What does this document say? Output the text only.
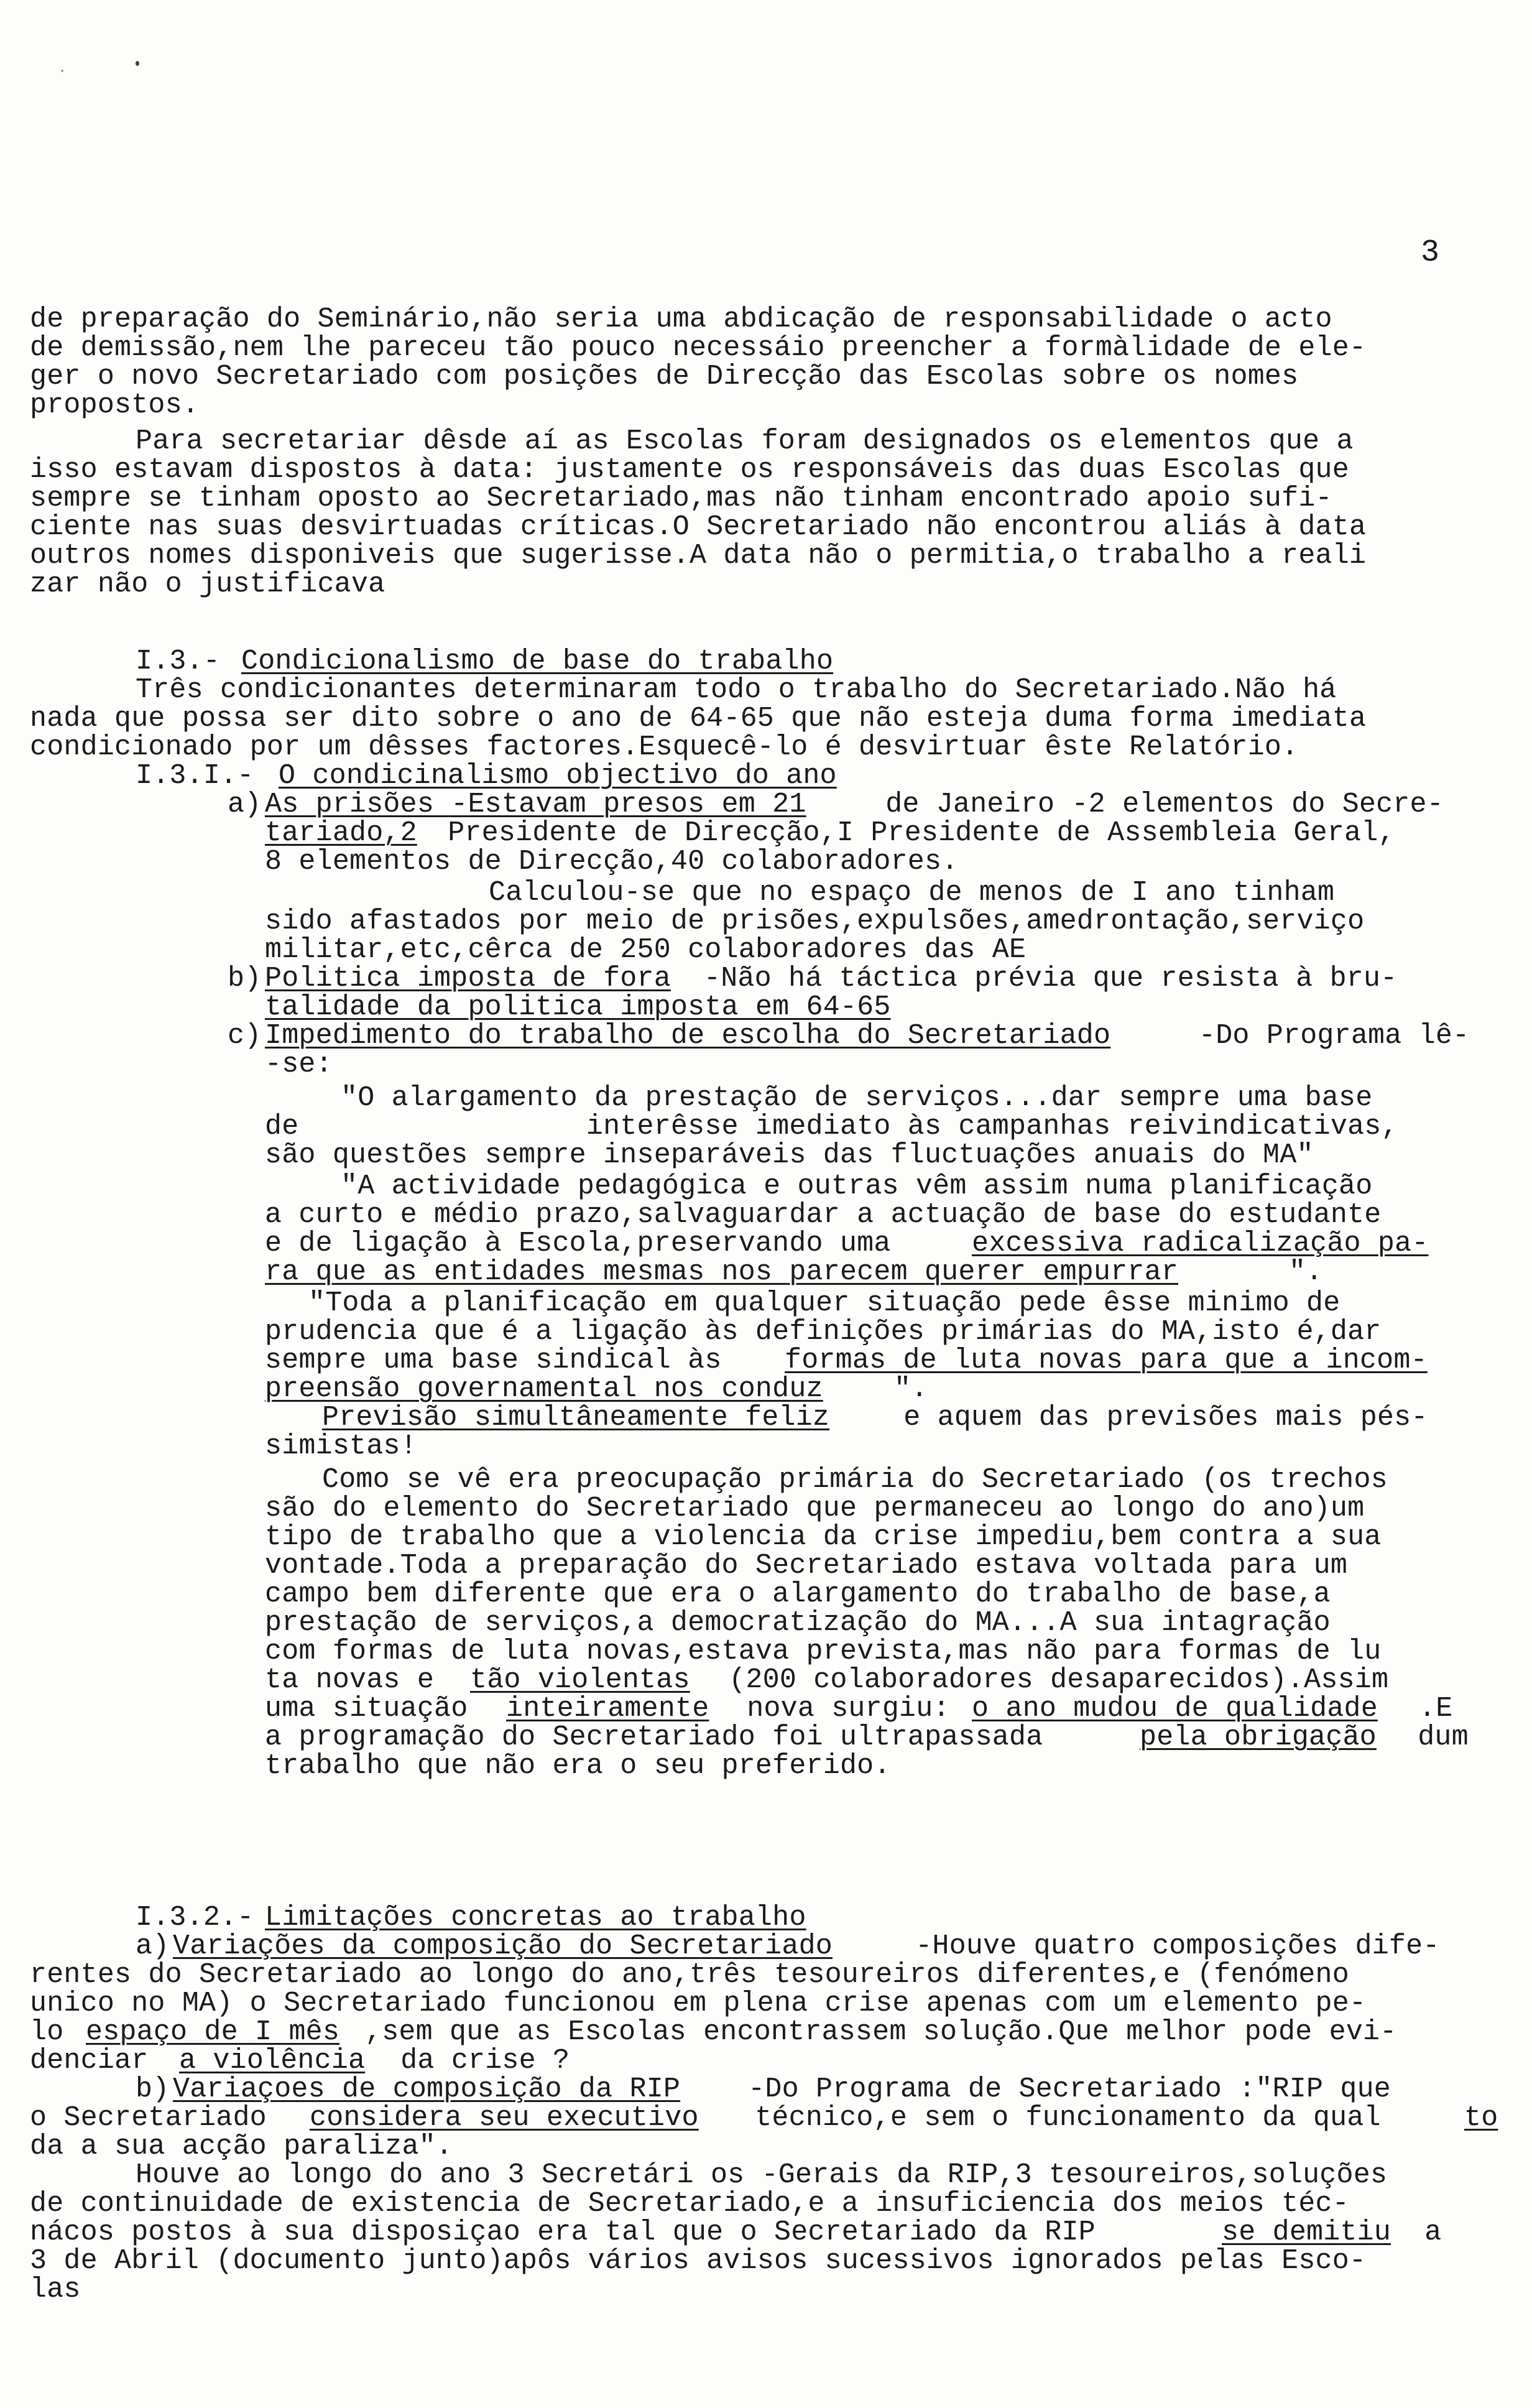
3
de preparação do Seminário,não seria uma abdicação de responsabilidade o acto
de demissão,nem lhe pareceu tão pouco necessáio preencher a formàlidade de ele-
ger o novo Secretariado com posições de Direcção das Escolas sobre os nomes
propostos.
Para secretariar dêsde aí as Escolas foram designados os elementos que a
isso estavam dispostos à data: justamente os responsáveis das duas Escolas que
sempre se tinham oposto ao Secretariado,mas não tinham encontrado apoio sufi-
ciente nas suas desvirtuadas críticas.O Secretariado não encontrou aliás à data
outros nomes disponiveis que sugerisse.A data não o permitia,o trabalho a reali
zar não o justificava
I.3.- Condicionalismo de base do trabalho
Três condicionantes determinaram todo o trabalho do Secretariado.Não há
nada que possa ser dito sobre o ano de 64-65 que não esteja duma forma imediata
condicionado por um dêsses factores.Esquecê-lo é desvirtuar êste Relatório.
I.3.I.- O condicinalismo objectivo do ano
a) As prisões -Estavam presos em 21 de Janeiro -2 elementos do Secre-
tariado,2 Presidente de Direcção,I Presidente de Assembleia Geral,
8 elementos de Direcção,40 colaboradores.
Calculou-se que no espaço de menos de I ano tinham
sido afastados por meio de prisões,expulsões,amedrontação,serviço
militar,etc,cêrca de 250 colaboradores das AE
b) Politica imposta de fora -Não há táctica prévia que resista à bru-
talidade da politica imposta em 64-65
c) Impedimento do trabalho de escolha do Secretariado	-Do Programa lê-
-se:
"O alargamento da prestação de serviços...dar sempre uma base
de                 interêsse imediato às campanhas reivindicativas,
são questões sempre inseparáveis das fluctuações anuais do MA"
"A actividade pedagógica e outras vêm assim numa planificação
a curto e médio prazo,salvaguardar a actuação de base do estudante
e de ligação à Escola,preservando uma excessiva radicalização pa-
ra que as entidades mesmas nos parecem querer empurrar	".
"Toda a planificação em qualquer situação pede êsse minimo de
prudencia que é a ligação às definições primárias do MA,isto é,dar
sempre uma base sindical às formas de luta novas para que a incom-
preensão governamental nos conduz	".
Previsão simultâneamente feliz e aquem das previsões mais pés-
simistas!
Como se vê era preocupação primária do Secretariado (os trechos
são do elemento do Secretariado que permaneceu ao longo do ano)um
tipo de trabalho que a violencia da crise impediu,bem contra a sua
vontade.Toda a preparação do Secretariado estava voltada para um
campo bem diferente que era o alargamento do trabalho de base,a
prestação de serviços,a democratização do MA...A sua intagração
com formas de luta novas,estava prevista,mas não para formas de lu
ta novas e tão violentas (200 colaboradores desaparecidos).Assim
uma situação inteiramente nova surgiu: o ano mudou de qualidade .E
a programação do Secretariado foi ultrapassada	pela obrigação dum
trabalho que não era o seu preferido.
I.3.2.- Limitações concretas ao trabalho
a) Variações da composição do Secretariado -Houve quatro composições dife-
rentes do Secretariado ao longo do ano,três tesoureiros diferentes,e (fenómeno
unico no MA) o Secretariado funcionou em plena crise apenas com um elemento pe-
lo espaço de I mês ,sem que as Escolas encontrassem solução.Que melhor pode evi-
denciar a violência da crise ?
b) Variaçoes de composição da RIP -Do Programa de Secretariado :"RIP que
o Secretariado considera seu executivo técnico,e sem o funcionamento da qual to
da a sua acção paraliza".
Houve ao longo do ano 3 Secretári os -Gerais da RIP,3 tesoureiros,soluções
de continuidade de existencia de Secretariado,e a insuficiencia dos meios téc-
nácos postos à sua disposiçao era tal que o Secretariado da RIP	se demitiu a
3 de Abril (documento junto)apôs vários avisos sucessivos ignorados pelas Esco-
las
